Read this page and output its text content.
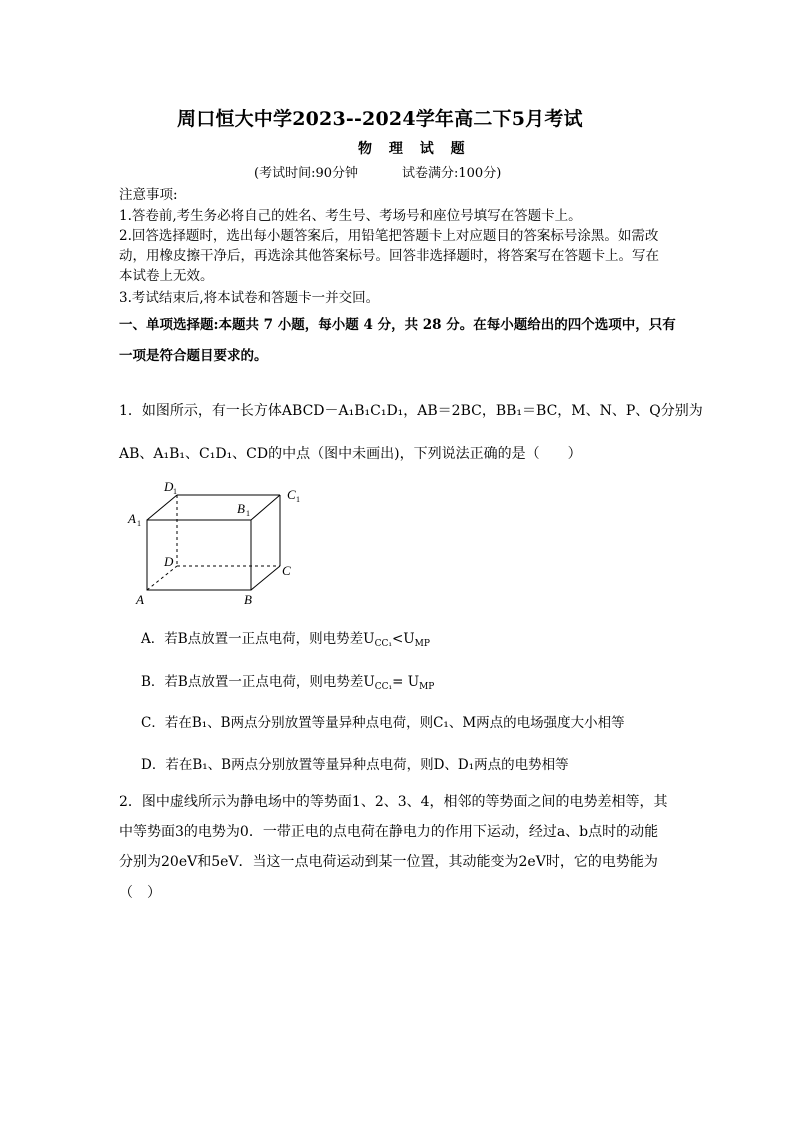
周口恒大中学2023--2024学年高二下5月考试
物 理 试 题
(考试时间:90分钟	试卷满分:100分)
注意事项:
1.答卷前,考生务必将自己的姓名、考生号、考场号和座位号填写在答题卡上。
2.回答选择题时，选出每小题答案后，用铅笔把答题卡上对应题目的答案标号涂黑。如需改
动，用橡皮擦干净后，再选涂其他答案标号。回答非选择题时，将答案写在答题卡上。写在
本试卷上无效。
3.考试结束后,将本试卷和答题卡一并交回。
一、单项选择题:本题共 7 小题，每小题 4 分，共 28 分。在每小题给出的四个选项中，只有
一项是符合题目要求的。
1．如图所示，有一长方体ABCD－A₁B₁C₁D₁，AB＝2BC，BB₁＝BC，M、N、P、Q分别为
AB、A₁B₁、C₁D₁、CD的中点（图中未画出)，下列说法正确的是（　　）
A	B
C
D
A 1
B 1
C 1
D 1
A．若B点放置一正点电荷，则电势差$U_{CC_1}<U_{MP}$
B．若B点放置一正点电荷，则电势差$U_{CC_1}= U_{MP}$
C．若在B₁、B两点分别放置等量异种点电荷，则C₁、M两点的电场强度大小相等
D．若在B₁、B两点分别放置等量异种点电荷，则D、D₁两点的电势相等
2．图中虚线所示为静电场中的等势面1、2、3、4，相邻的等势面之间的电势差相等，其
中等势面3的电势为0．一带正电的点电荷在静电力的作用下运动，经过a、b点时的动能
分别为20eV和5eV．当这一点电荷运动到某一位置，其动能变为2eV时，它的电势能为
（　）
